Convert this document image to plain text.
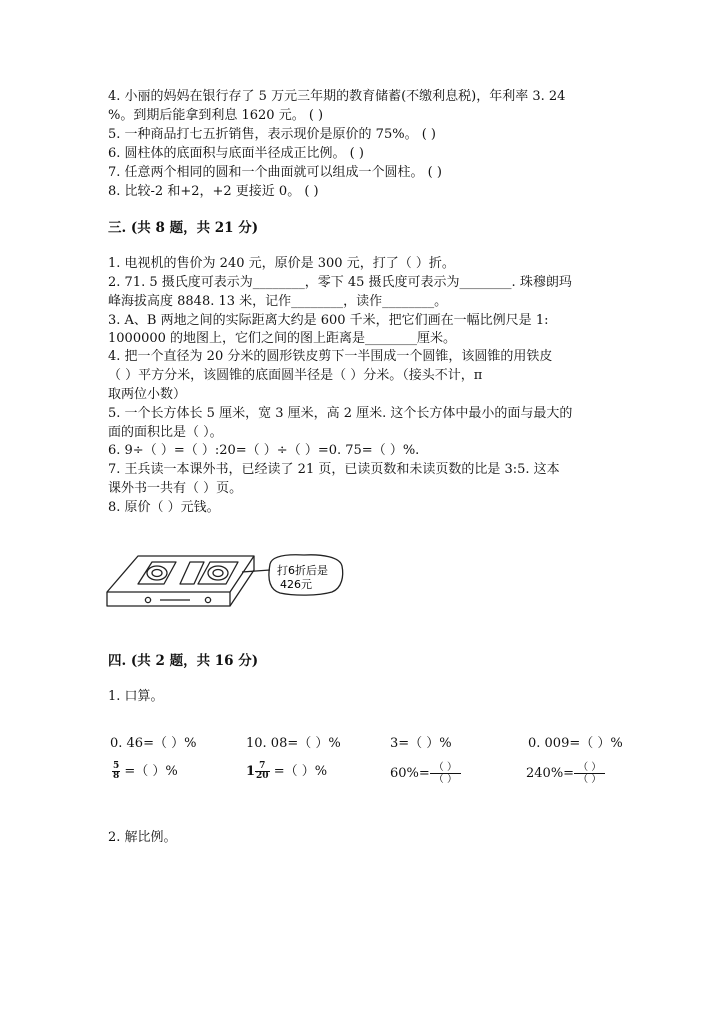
4. 小丽的妈妈在银行存了 5 万元三年期的教育储蓄(不缴利息税)，年利率 3. 24
%。到期后能拿到利息 1620 元。 ( )
5. 一种商品打七五折销售，表示现价是原价的 75%。 ( )
6. 圆柱体的底面积与底面半径成正比例。 ( )
7. 任意两个相同的圆和一个曲面就可以组成一个圆柱。 ( )
8. 比较-2 和+2，+2 更接近 0。 ( )
三. (共 8 题，共 21 分)
1. 电视机的售价为 240 元，原价是 300 元，打了（ ）折。
2. 71. 5 摄氏度可表示为________，零下 45 摄氏度可表示为________. 珠穆朗玛
峰海拔高度 8848. 13 米，记作________，读作________。
3. A、B 两地之间的实际距离大约是 600 千米，把它们画在一幅比例尺是 1:
1000000 的地图上，它们之间的图上距离是________厘米。
4. 把一个直径为 20 分米的圆形铁皮剪下一半围成一个圆锥，该圆锥的用铁皮
（ ）平方分米，该圆锥的底面圆半径是（ ）分米。（接头不计，π
取两位小数）
5. 一个长方体长 5 厘米，宽 3 厘米，高 2 厘米. 这个长方体中最小的面与最大的
面的面积比是（ ）。
6. 9÷（ ）=（ ）:20=（ ）÷（ ）=0. 75=（ ）%.
7. 王兵读一本课外书，已经读了 21 页，已读页数和未读页数的比是 3:5. 这本
课外书一共有（ ）页。
8. 原价（ ）元钱。
打6折后是
426元
四. (共 2 题，共 16 分)
1. 口算。
0. 46=（ ）%	10. 08=（ ）%	3=（ ）%	0. 009=（ ）%
$\frac{5}{8}$ =（ ）%	$1 \frac{7}{20}$ =（ ）%	$60\%= \frac{( )}{( )}$	$240\%= \frac{( )}{( )}$
2. 解比例。
